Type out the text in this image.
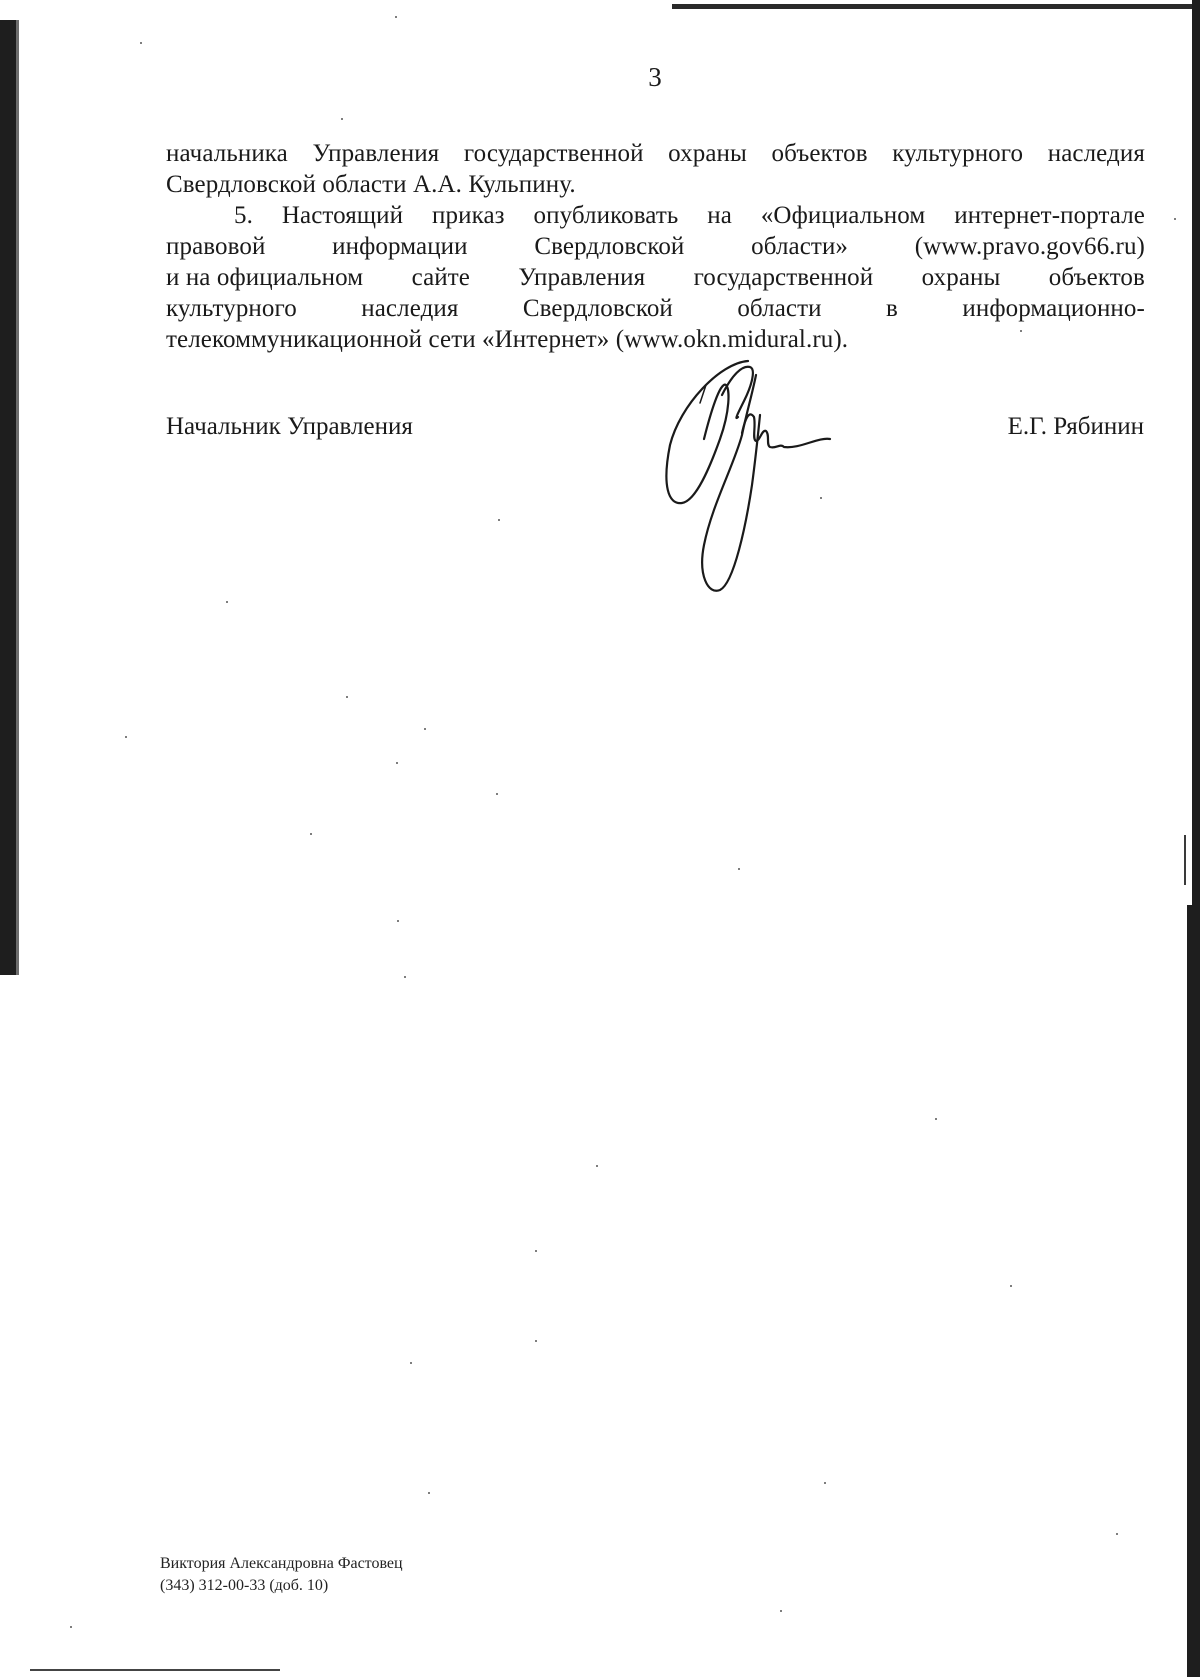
3
начальника Управления государственной охраны объектов культурного наследия
Свердловской области А.А. Кульпину.
5. Настоящий приказ опубликовать на «Официальном интернет-портале
правовой	информации	Свердловской	области»	(www.pravo.gov66.ru)
и на официальном сайте Управления государственной охраны объектов
культурного	наследия	Свердловской	области	в	информационно-
телекоммуникационной сети «Интернет» (www.okn.midural.ru).
Начальник Управления	Е.Г. Рябинин
Виктория Александровна Фастовец
(343) 312-00-33 (доб. 10)
